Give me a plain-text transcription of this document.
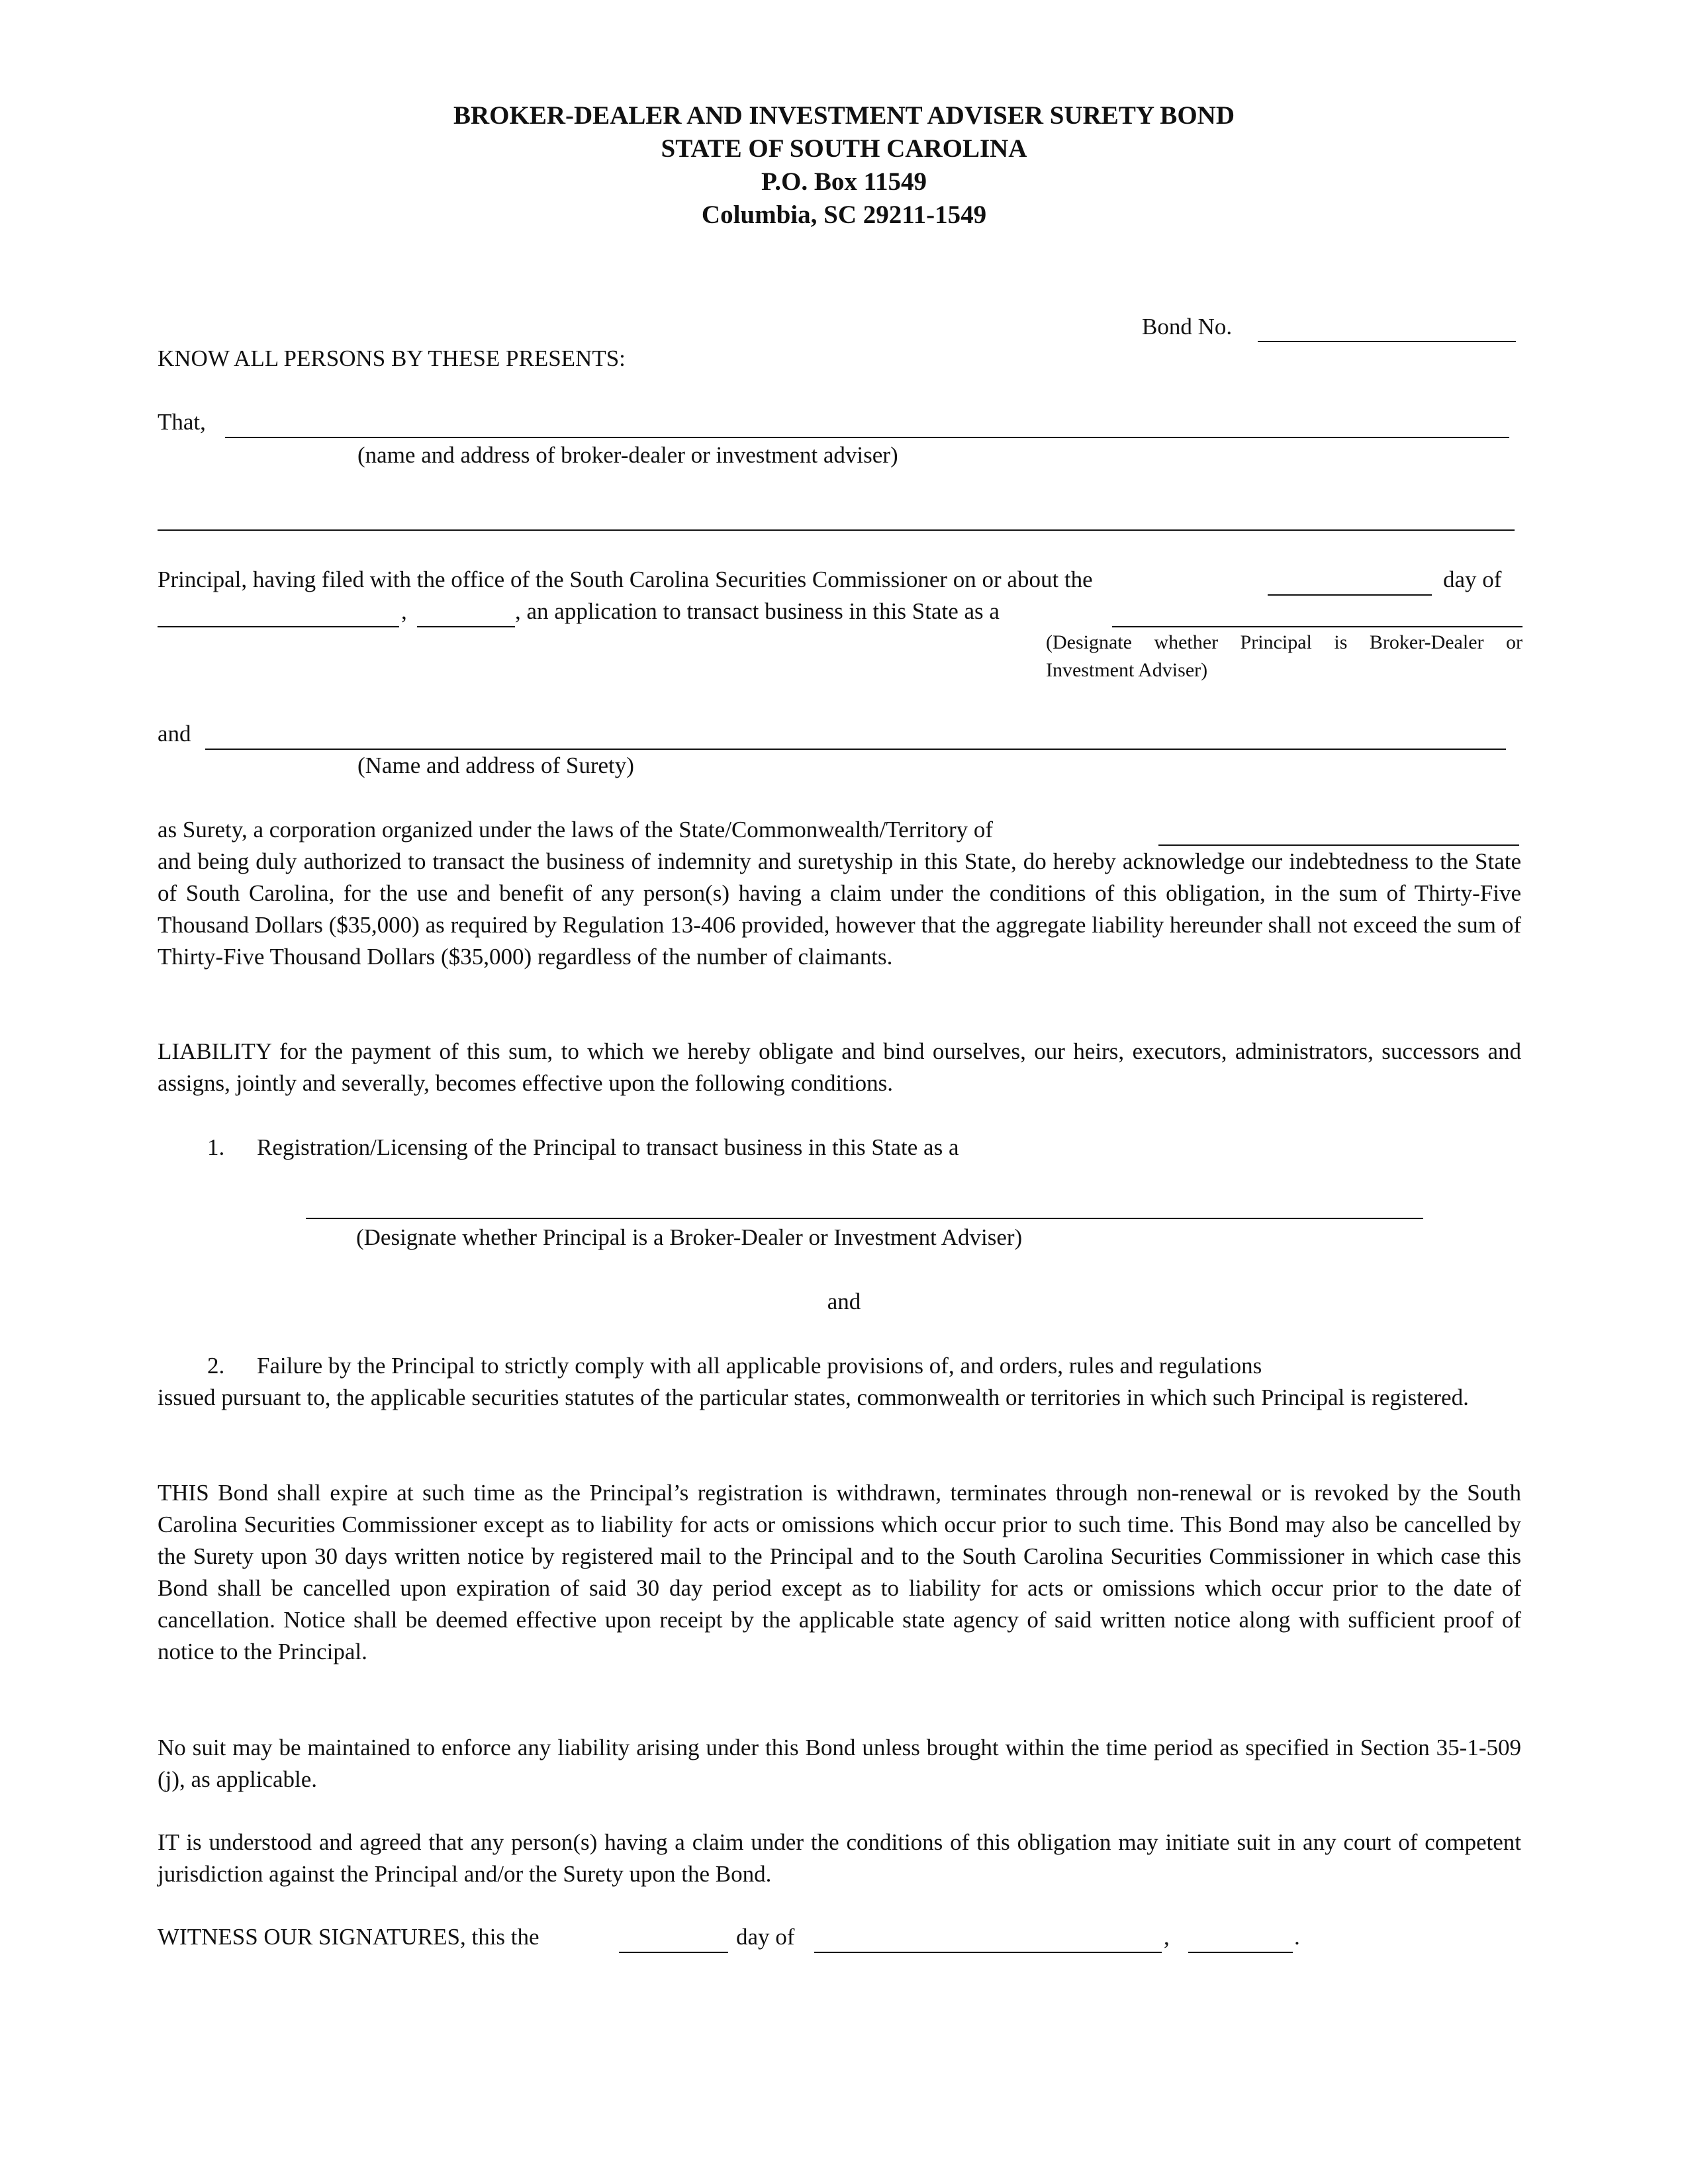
BROKER-DEALER AND INVESTMENT ADVISER SURETY BOND
STATE OF SOUTH CAROLINA
P.O. Box 11549
Columbia, SC 29211-1549
Bond No.
KNOW ALL PERSONS BY THESE PRESENTS:
That,
(name and address of broker-dealer or investment adviser)
Principal, having filed with the office of the South Carolina Securities Commissioner on or about the	day of
,	, an application to transact business in this State as a
(Designate whether Principal is Broker-Dealer or Investment Adviser)
and
(Name and address of Surety)
as Surety, a corporation organized under the laws of the State/Commonwealth/Territory of
and being duly authorized to transact the business of indemnity and suretyship in this State, do hereby acknowledge our indebtedness to the State of South Carolina, for the use and benefit of any person(s) having a claim under the conditions of this obligation, in the sum of Thirty-Five Thousand Dollars ($35,000) as required by Regulation 13-406 provided, however that the aggregate liability hereunder shall not exceed the sum of Thirty-Five Thousand Dollars ($35,000) regardless of the number of claimants.
LIABILITY for the payment of this sum, to which we hereby obligate and bind ourselves, our heirs, executors, administrators, successors and assigns, jointly and severally, becomes effective upon the following conditions.
1. Registration/Licensing of the Principal to transact business in this State as a
(Designate whether Principal is a Broker-Dealer or Investment Adviser)
and
2. Failure by the Principal to strictly comply with all applicable provisions of, and orders, rules and regulations
issued pursuant to, the applicable securities statutes of the particular states, commonwealth or territories in which such Principal is registered.
THIS Bond shall expire at such time as the Principal’s registration is withdrawn, terminates through non-renewal or is revoked by the South Carolina Securities Commissioner except as to liability for acts or omissions which occur prior to such time. This Bond may also be cancelled by the Surety upon 30 days written notice by registered mail to the Principal and to the South Carolina Securities Commissioner in which case this Bond shall be cancelled upon expiration of said 30 day period except as to liability for acts or omissions which occur prior to the date of cancellation. Notice shall be deemed effective upon receipt by the applicable state agency of said written notice along with sufficient proof of notice to the Principal.
No suit may be maintained to enforce any liability arising under this Bond unless brought within the time period as specified in Section 35-1-509 (j), as applicable.
IT is understood and agreed that any person(s) having a claim under the conditions of this obligation may initiate suit in any court of competent jurisdiction against the Principal and/or the Surety upon the Bond.
WITNESS OUR SIGNATURES, this the	day of	,	.
